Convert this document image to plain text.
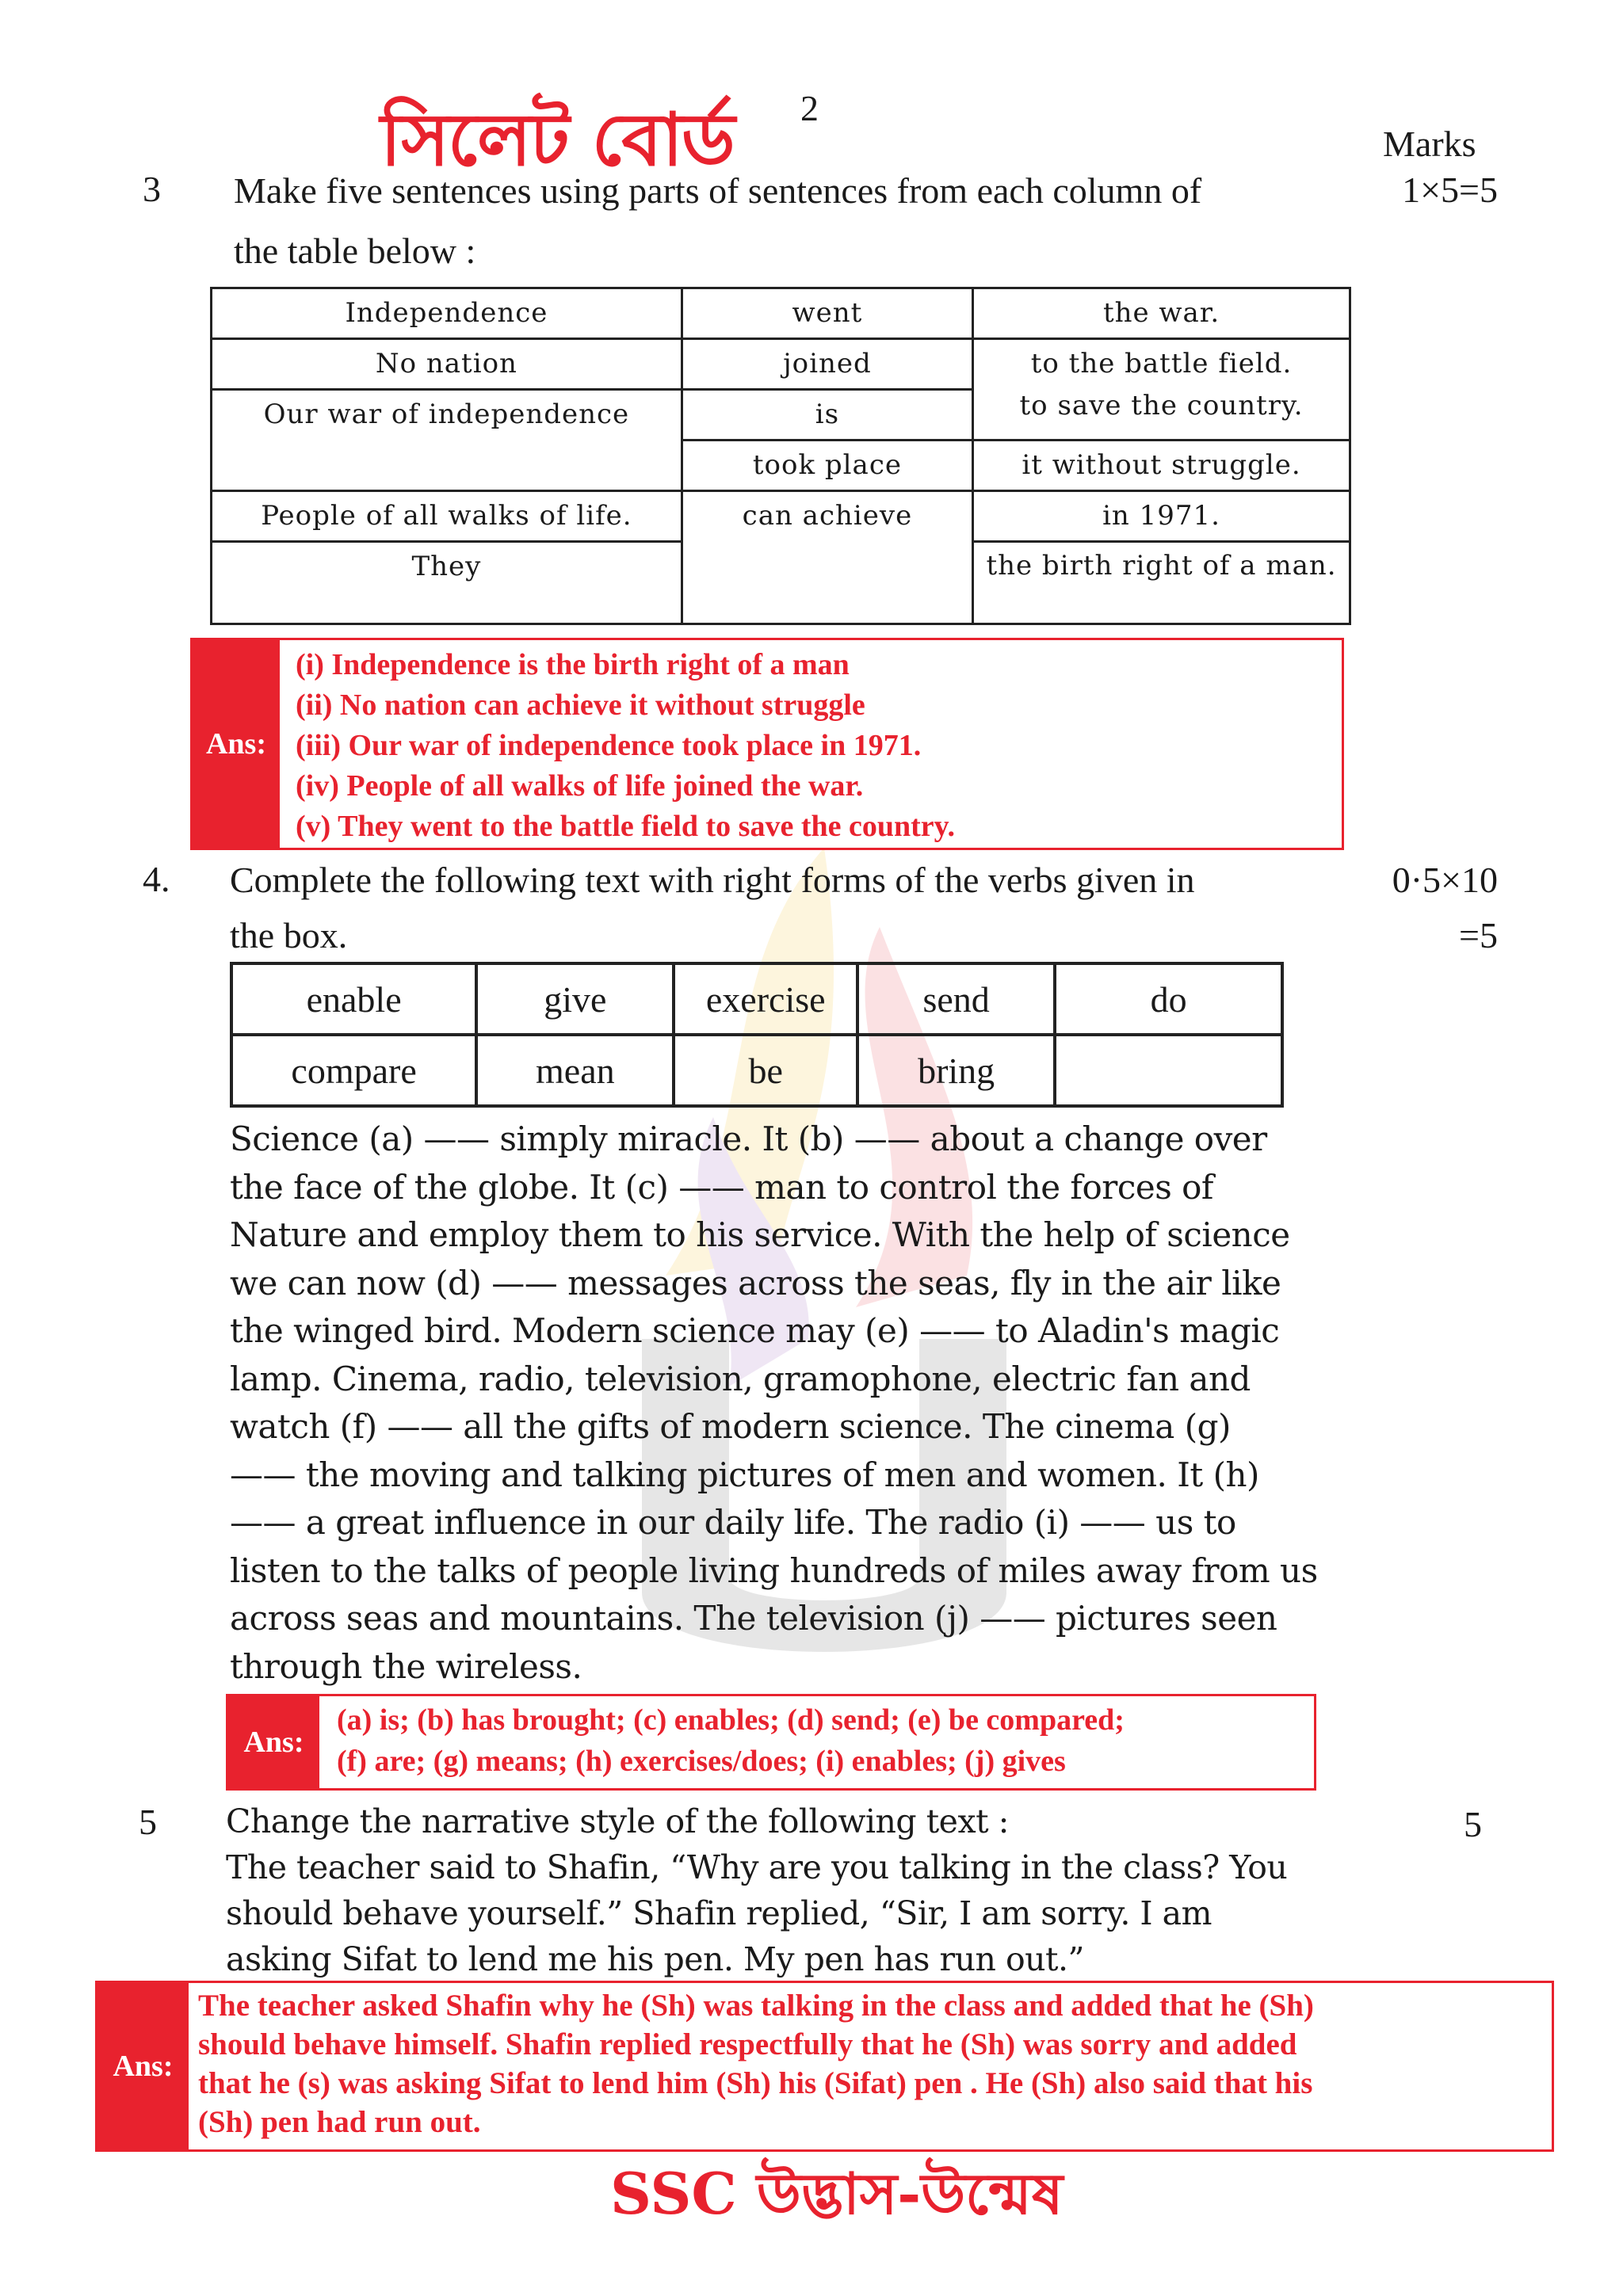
সিলেট বোর্ড 2
Marks
3 Make five sentences using parts of sentences from each column of
the table below :
1×5=5
Independence	went	the war.
No nation	joined	to the battle field.
Our war of independence	is	to save the country.
	took place	it without struggle.
People of all walks of life.	can achieve	in 1971.
They		the birth right of a man.
Ans:
(i) Independence is the birth right of a man
(ii) No nation can achieve it without struggle
(iii) Our war of independence took place in 1971.
(iv) People of all walks of life joined the war.
(v) They went to the battle field to save the country.
4. Complete the following text with right forms of the verbs given in
the box.
0·5×10
=5
enable	give	exercise	send	do
compare	mean	be	bring	
Science (a) —— simply miracle. It (b) —— about a change over
the face of the globe. It (c) —— man to control the forces of
Nature and employ them to his service. With the help of science
we can now (d) —— messages across the seas, fly in the air like
the winged bird. Modern science may (e) —— to Aladin's magic
lamp. Cinema, radio, television, gramophone, electric fan and
watch (f) —— all the gifts of modern science. The cinema (g)
—— the moving and talking pictures of men and women. It (h)
—— a great influence in our daily life. The radio (i) —— us to
listen to the talks of people living hundreds of miles away from us
across seas and mountains. The television (j) —— pictures seen
through the wireless.
Ans:
(a) is; (b) has brought; (c) enables; (d) send; (e) be compared;
(f) are; (g) means; (h) exercises/does; (i) enables; (j) gives
5	5
Change the narrative style of the following text :
The teacher said to Shafin, “Why are you talking in the class? You
should behave yourself.” Shafin replied, “Sir, I am sorry. I am
asking Sifat to lend me his pen. My pen has run out.”
Ans:
The teacher asked Shafin why he (Sh) was talking in the class and added that he (Sh)
should behave himself. Shafin replied respectfully that he (Sh) was sorry and added
that he (s) was asking Sifat to lend him (Sh) his (Sifat) pen . He (Sh) also said that his
(Sh) pen had run out.
SSC উদ্ভাস-উন্মেষ
